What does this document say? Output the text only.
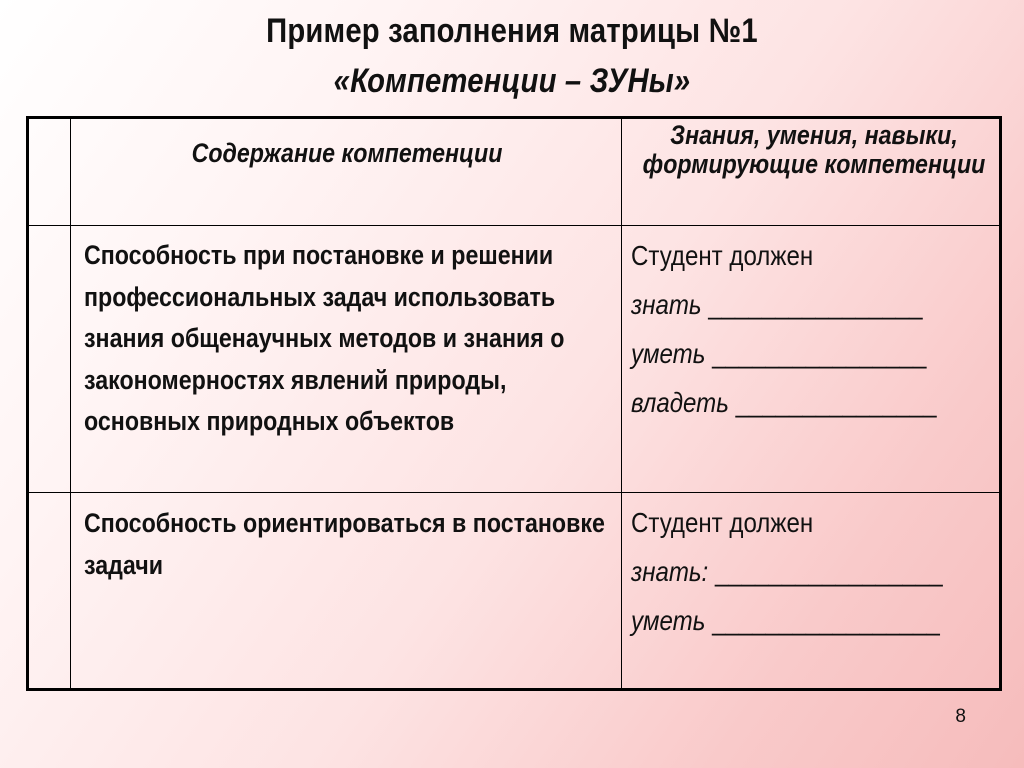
Пример заполнения матрицы №1
«Компетенции – ЗУНы»
Содержание компетенции
Знания, умения, навыки, формирующие компетенции
Способность при постановке и решении профессиональных задач использовать знания общенаучных методов и знания о закономерностях явлений природы, основных природных объектов
Студент должен
знать ________________
уметь ________________
владеть _______________
Способность ориентироваться в постановке задачи
Студент должен
знать: _________________
уметь _________________
8
